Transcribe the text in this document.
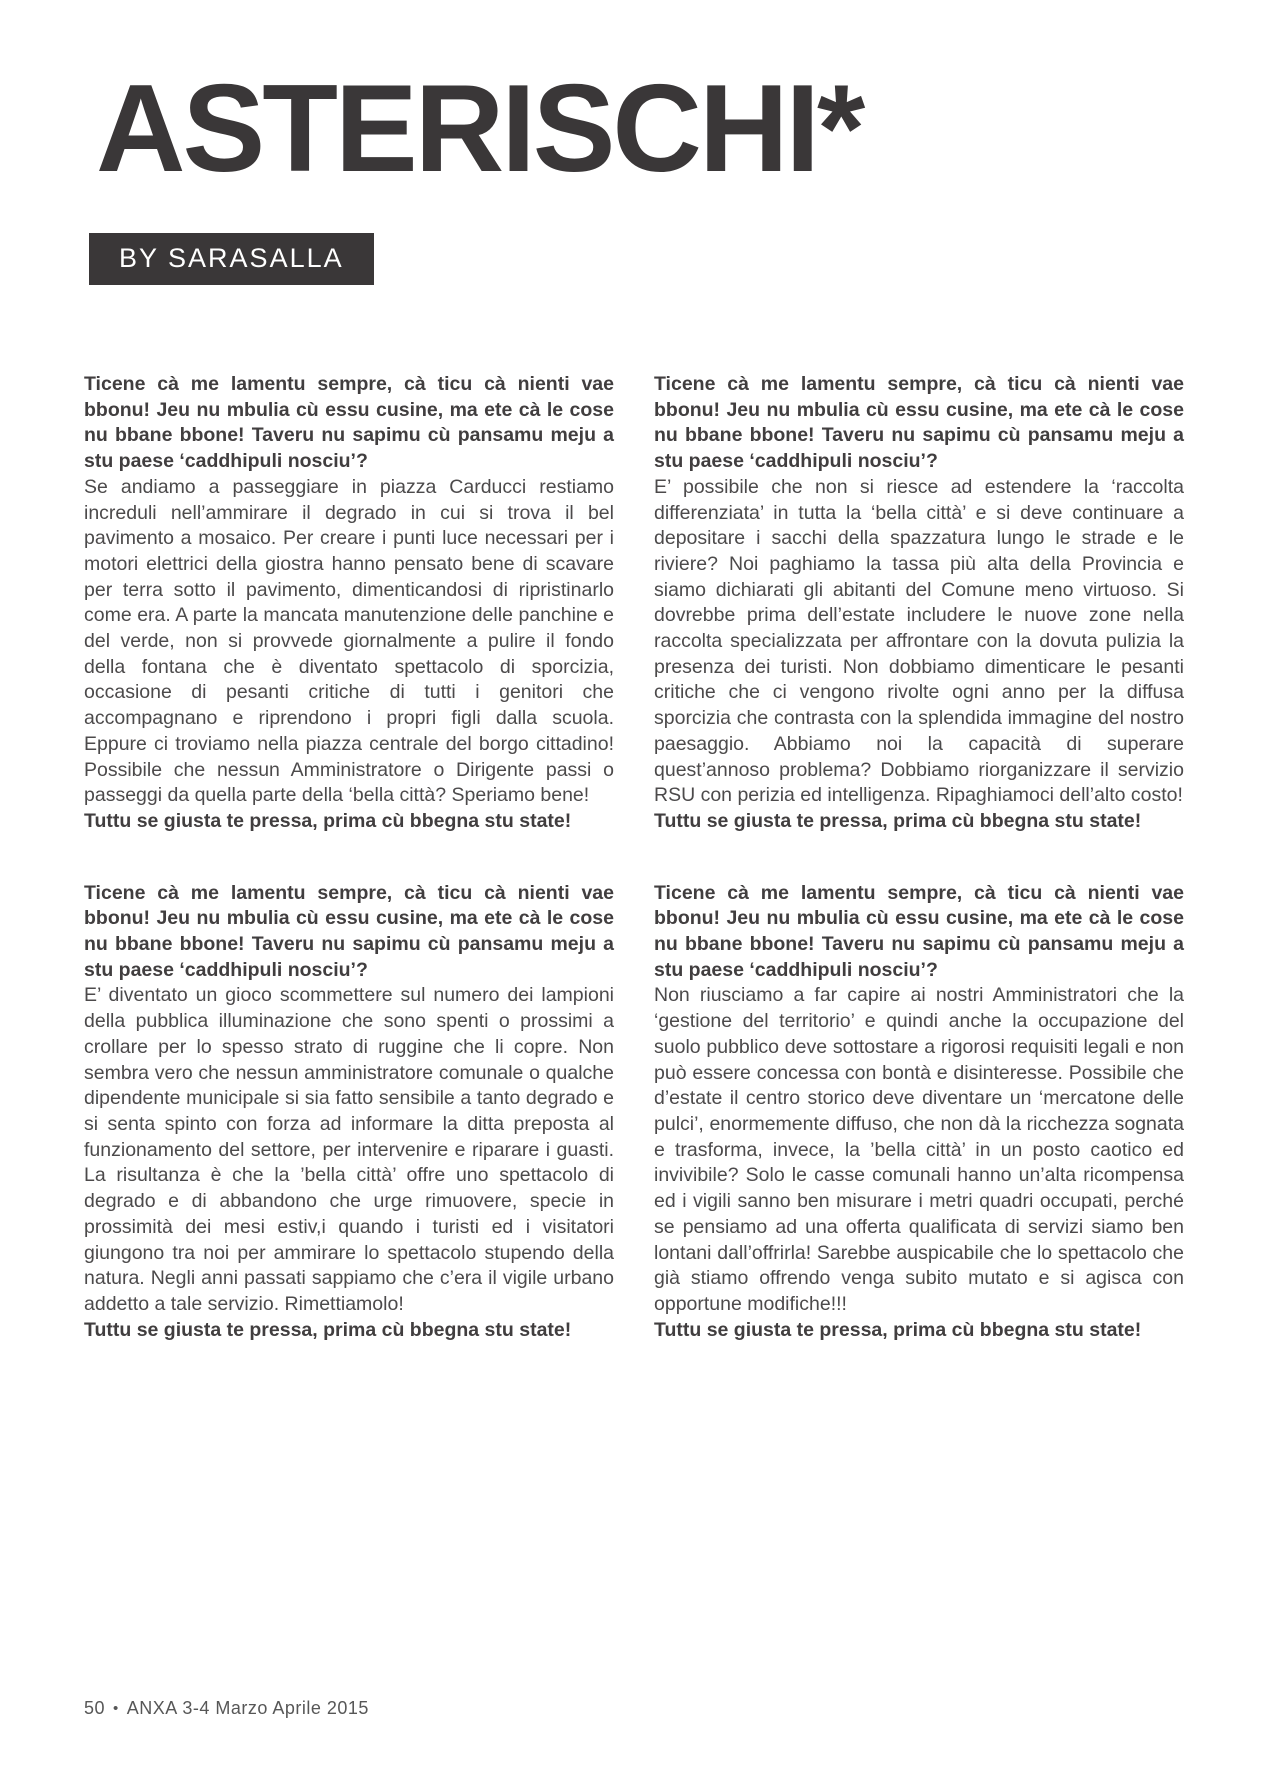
ASTERISCHI*
BY SARASALLA

Ticene cà me lamentu sempre, cà ticu cà nienti vae bbonu! Jeu nu mbulia cù essu cusine, ma ete cà le cose nu bbane bbone! Taveru nu sapimu cù pansamu meju a stu paese ‘caddhipuli nosciu’?

Se andiamo a passeggiare in piazza Carducci restiamo increduli nell’ammirare il degrado in cui si trova il bel pavimento a mosaico. Per creare i punti luce necessari per i motori elettrici della giostra hanno pensato bene di scavare per terra sotto il pavimento, dimenticandosi di ripristinarlo come era. A parte la mancata manutenzione delle panchine e del verde, non si provvede giornalmente a pulire il fondo della fontana che è diventato spettacolo di sporcizia, occasione di pesanti critiche di tutti i genitori che accompagnano e riprendono i propri figli dalla scuola. Eppure ci troviamo nella piazza centrale del borgo cittadino! Possibile che nessun Amministratore o Dirigente passi o passeggi da quella parte della ‘bella città? Speriamo bene!

Tuttu se giusta te pressa, prima cù bbegna stu state!

Ticene cà me lamentu sempre, cà ticu cà nienti vae bbonu! Jeu nu mbulia cù essu cusine, ma ete cà le cose nu bbane bbone! Taveru nu sapimu cù pansamu meju a stu paese ‘caddhipuli nosciu’?

E’ possibile che non si riesce ad estendere la ‘raccolta differenziata’ in tutta la ‘bella città’ e si deve continuare a depositare i sacchi della spazzatura lungo le strade e le riviere? Noi paghiamo la tassa più alta della Provincia e siamo dichiarati gli abitanti del Comune meno virtuoso. Si dovrebbe prima dell’estate includere le nuove zone nella raccolta specializzata per affrontare con la dovuta pulizia la presenza dei turisti. Non dobbiamo dimenticare le pesanti critiche che ci vengono rivolte ogni anno per la diffusa sporcizia che contrasta con la splendida immagine del nostro paesaggio. Abbiamo noi la capacità di superare quest’annoso problema? Dobbiamo riorganizzare il servizio RSU con perizia ed intelligenza. Ripaghiamoci dell’alto costo!

Tuttu se giusta te pressa, prima cù bbegna stu state!

Ticene cà me lamentu sempre, cà ticu cà nienti vae bbonu! Jeu nu mbulia cù essu cusine, ma ete cà le cose nu bbane bbone! Taveru nu sapimu cù pansamu meju a stu paese ‘caddhipuli nosciu’?

E’ diventato un gioco scommettere sul numero dei lampioni della pubblica illuminazione che sono spenti o prossimi a crollare per lo spesso strato di ruggine che li copre. Non sembra vero che nessun amministratore comunale o qualche dipendente municipale si sia fatto sensibile a tanto degrado e si senta spinto con forza ad informare la ditta preposta al funzionamento del settore, per intervenire e riparare i guasti. La risultanza è che la ’bella città’ offre uno spettacolo di degrado e di abbandono che urge rimuovere, specie in prossimità dei mesi estiv,i quando i turisti ed i visitatori giungono tra noi per ammirare lo spettacolo stupendo della natura. Negli anni passati sappiamo che c’era il vigile urbano addetto a tale servizio. Rimettiamolo!

Tuttu se giusta te pressa, prima cù bbegna stu state!

Ticene cà me lamentu sempre, cà ticu cà nienti vae bbonu! Jeu nu mbulia cù essu cusine, ma ete cà le cose nu bbane bbone! Taveru nu sapimu cù pansamu meju a stu paese ‘caddhipuli nosciu’?

Non riusciamo a far capire ai nostri Amministratori che la ‘gestione del territorio’ e quindi anche la occupazione del suolo pubblico deve sottostare a rigorosi requisiti legali e non può essere concessa con bontà e disinteresse. Possibile che d’estate il centro storico deve diventare un ‘mercatone delle pulci’, enormemente diffuso, che non dà la ricchezza sognata e trasforma, invece, la ’bella città’ in un posto caotico ed invivibile? Solo le casse comunali hanno un’alta ricompensa ed i vigili sanno ben misurare i metri quadri occupati, perché se pensiamo ad una offerta qualificata di servizi siamo ben lontani dall’offrirla! Sarebbe auspicabile che lo spettacolo che già stiamo offrendo venga subito mutato e si agisca con opportune modifiche!!!

Tuttu se giusta te pressa, prima cù bbegna stu state!

50 • ANXA 3-4 Marzo Aprile 2015
